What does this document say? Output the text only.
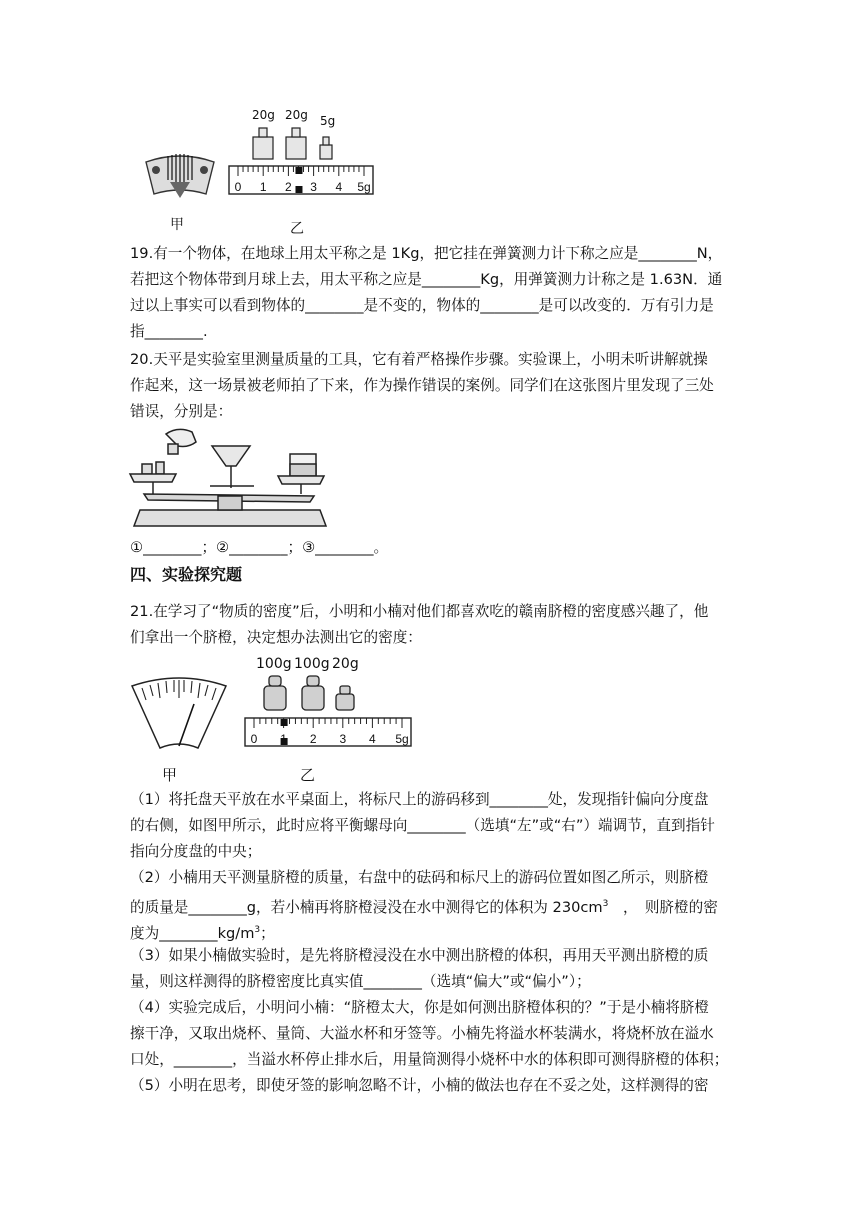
甲
20g 20g 5g
0 1 2 3 4 5g
乙
19.有一个物体，在地球上用太平称之是 1Kg，把它挂在弹簧测力计下称之应是________N，
若把这个物体带到月球上去，用太平称之应是________Kg，用弹簧测力计称之是 1.63N．通
过以上事实可以看到物体的________是不变的，物体的________是可以改变的．万有引力是
指________.
20.天平是实验室里测量质量的工具，它有着严格操作步骤。实验课上，小明未听讲解就操
作起来，这一场景被老师拍了下来，作为操作错误的案例。同学们在这张图片里发现了三处
错误，分别是：
①________；②________；③________。
四、实验探究题
21.在学习了“物质的密度”后，小明和小楠对他们都喜欢吃的赣南脐橙的密度感兴趣了，他
们拿出一个脐橙，决定想办法测出它的密度：
甲
100g 100g 20g
0	2 3 4 5g
乙
（1）将托盘天平放在水平桌面上，将标尺上的游码移到________处，发现指针偏向分度盘
的右侧，如图甲所示，此时应将平衡螺母向________（选填“左”或“右”）端调节，直到指针
指向分度盘的中央；
（2）小楠用天平测量脐橙的质量，右盘中的砝码和标尺上的游码位置如图乙所示，则脐橙
的质量是________g，若小楠再将脐橙浸没在水中测得它的体积为 $230cm^3$　，　则脐橙的密
度为$\_\_\_\_\_\_\_\_kg/m^3$；
（3）如果小楠做实验时，是先将脐橙浸没在水中测出脐橙的体积，再用天平测出脐橙的质
量，则这样测得的脐橙密度比真实值________（选填“偏大”或“偏小”）；
（4）实验完成后，小明问小楠：“脐橙太大，你是如何测出脐橙体积的？”于是小楠将脐橙
擦干净，又取出烧杯、量筒、大溢水杯和牙签等。小楠先将溢水杯装满水，将烧杯放在溢水
口处，________，当溢水杯停止排水后，用量筒测得小烧杯中水的体积即可测得脐橙的体积；
（5）小明在思考，即使牙签的影响忽略不计，小楠的做法也存在不妥之处，这样测得的密
